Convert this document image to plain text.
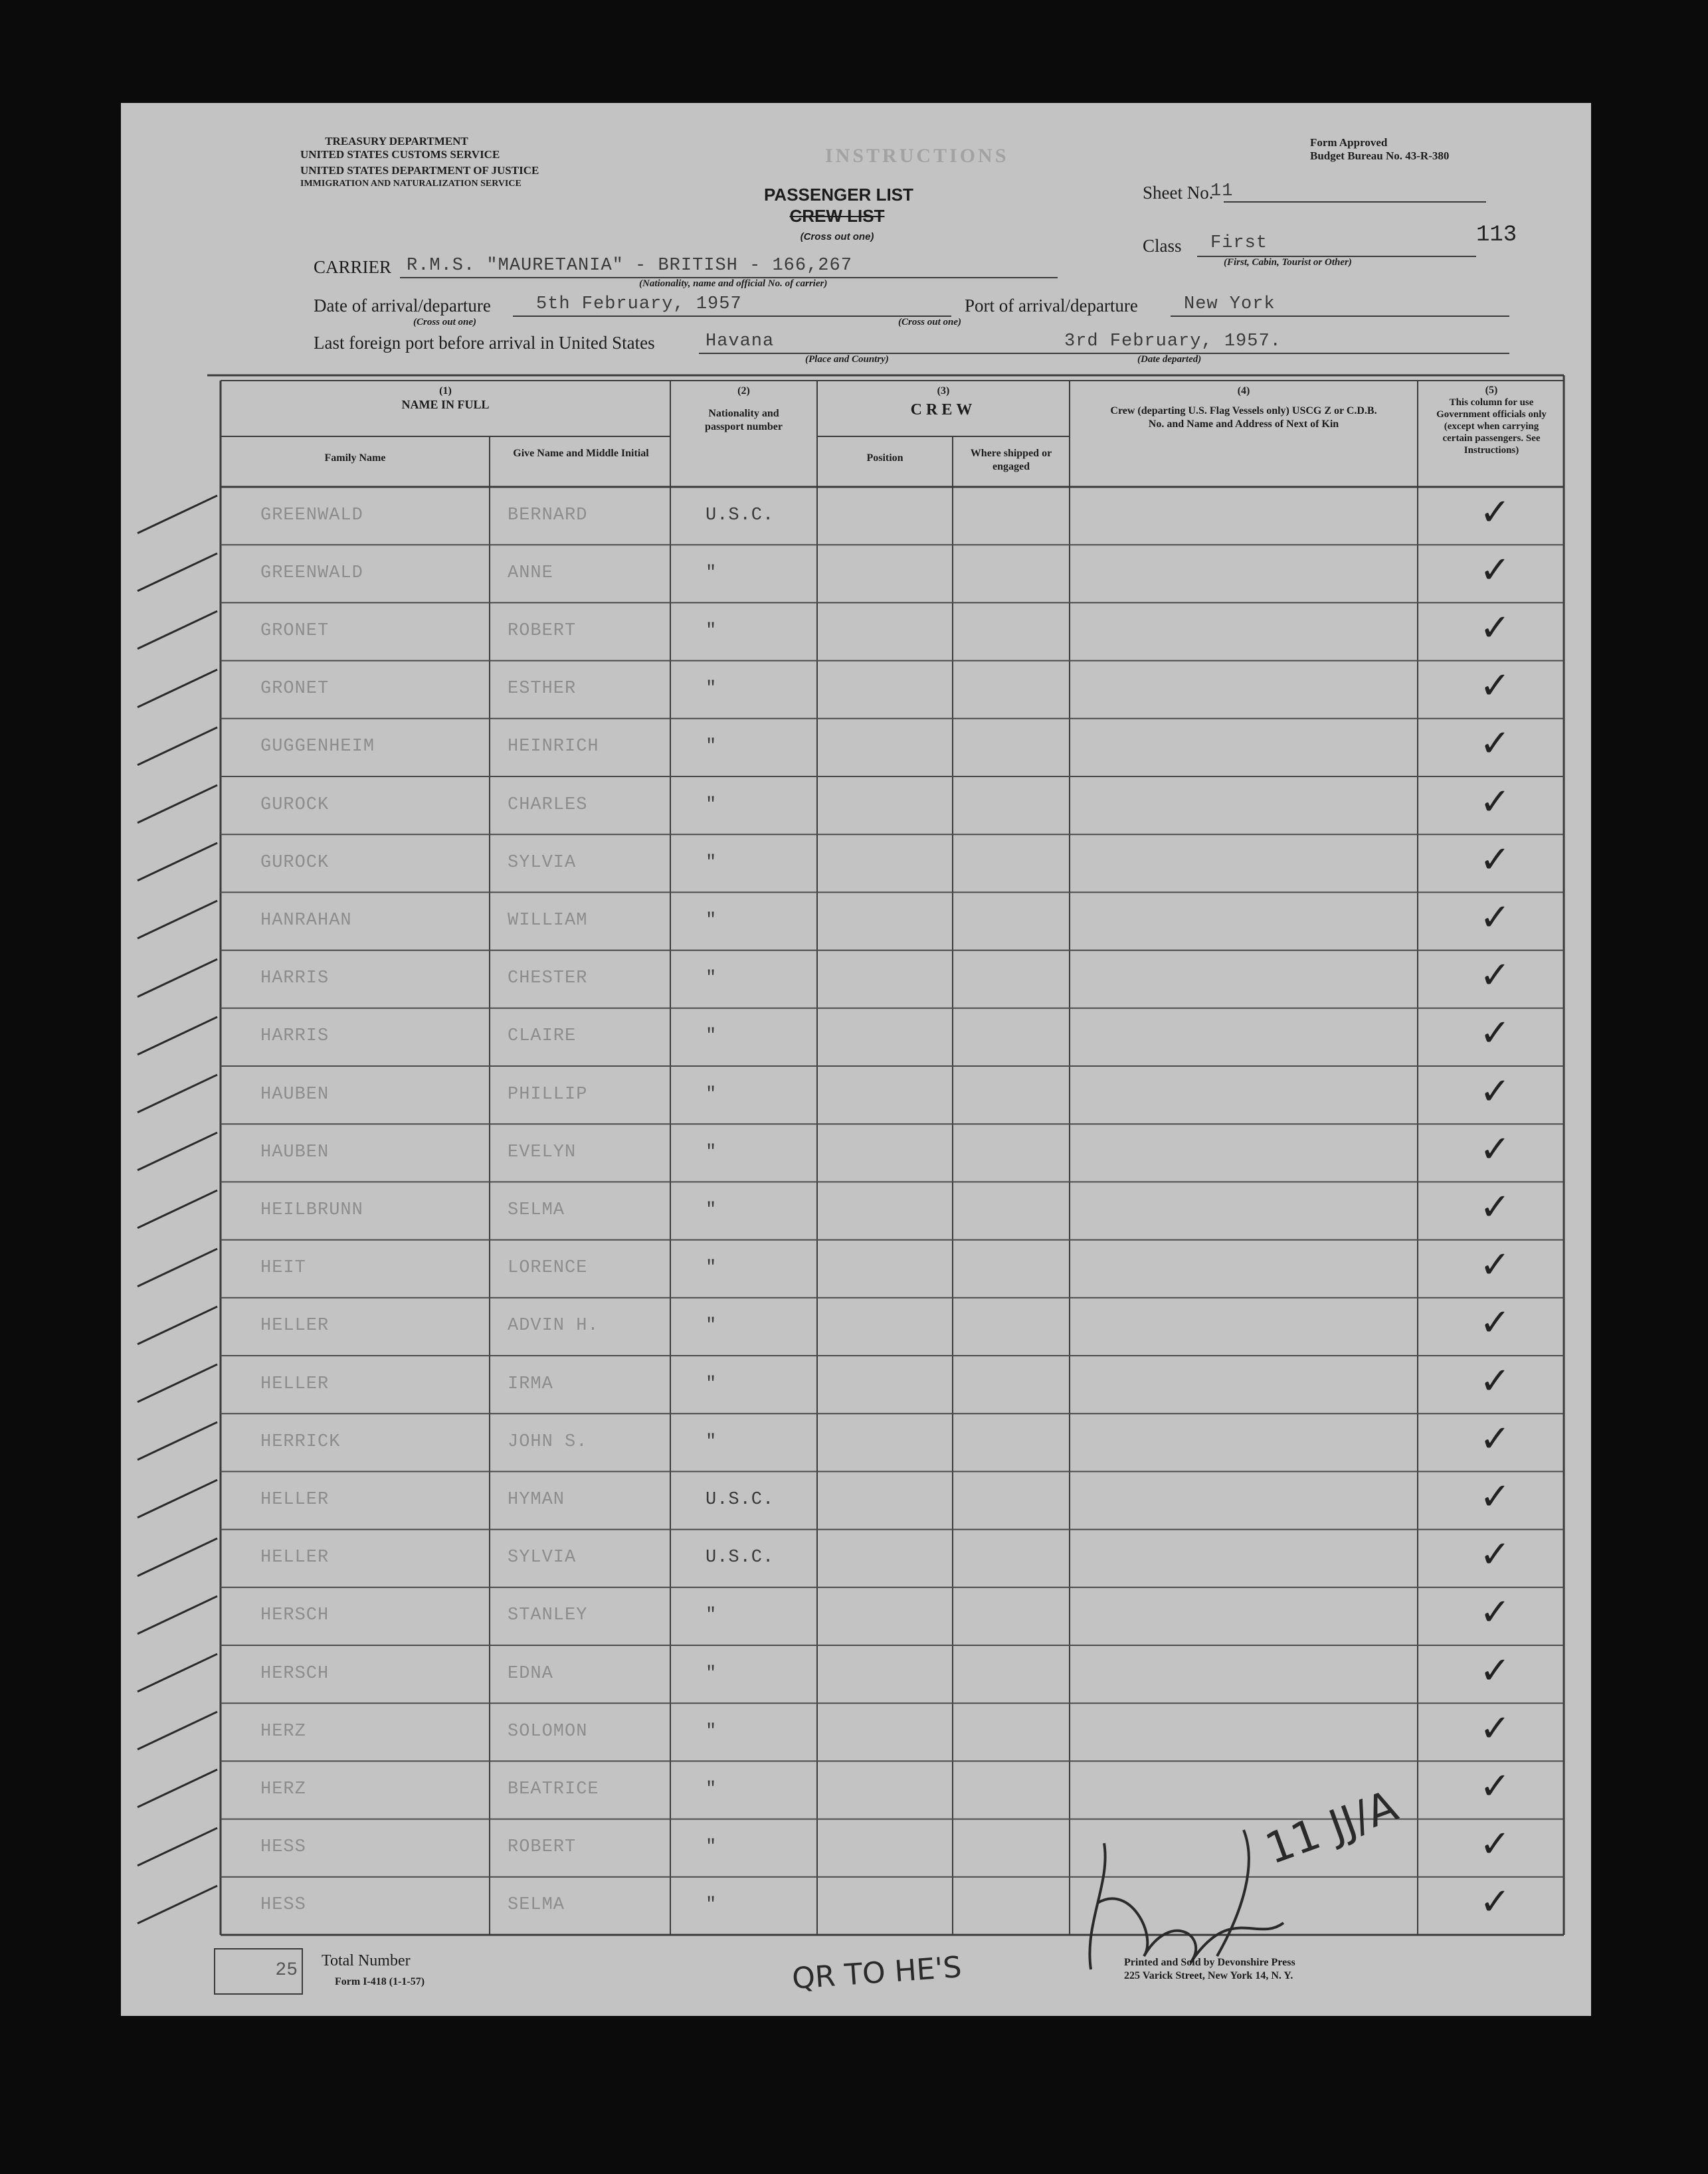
TREASURY DEPARTMENT
UNITED STATES CUSTOMS SERVICE
UNITED STATES DEPARTMENT OF JUSTICE
IMMIGRATION AND NATURALIZATION SERVICE
INSTRUCTIONS
Form Approved
Budget Bureau No. 43-R-380
PASSENGER LIST
CREW LIST
(Cross out one)
Sheet No.
11
Class First
(First, Cabin, Tourist or Other)
113
CARRIER R.M.S. "MAURETANIA" - BRITISH - 166,267
(Nationality, name and official No. of carrier)
Date of arrival/departure	5th February, 1957
(Cross out one)
Port of arrival/departure	New York
(Cross out one)
Last foreign port before arrival in United States	Havana
(Place and Country)
3rd February, 1957.
(Date departed)
(1)
NAME IN FULL
Family Name	Give Name and Middle Initial
(2)
Nationality and passport number
(3)
CREW
Position	Where shipped or engaged
(4)
Crew (departing U.S. Flag Vessels only) USCG Z or C.D.B. No. and Name and Address of Next of Kin
(5)
This column for use Government officials only (except when carrying certain passengers. See Instructions)
GREENWALD	BERNARD	U.S.C.	✓
GREENWALD	ANNE	"	✓
GRONET	ROBERT	"	✓
GRONET	ESTHER	"	✓
GUGGENHEIM	HEINRICH	"	✓
GUROCK	CHARLES	"	✓
GUROCK	SYLVIA	"	✓
HANRAHAN	WILLIAM	"	✓
HARRIS	CHESTER	"	✓
HARRIS	CLAIRE	"	✓
HAUBEN	PHILLIP	"	✓
HAUBEN	EVELYN	"	✓
HEILBRUNN	SELMA	"	✓
HEIT	LORENCE	"	✓
HELLER	ADVIN H.	"	✓
HELLER	IRMA	"	✓
HERRICK	JOHN S.	"	✓
HELLER	HYMAN	U.S.C.	✓
HELLER	SYLVIA	U.S.C.	✓
HERSCH	STANLEY	"	✓
HERSCH	EDNA	"	✓
HERZ	SOLOMON	"	✓
HERZ	BEATRICE	"	✓
HESS	ROBERT	"	✓
HESS	SELMA	"	✓
25 Total Number
Form I-418 (1-1-57)	QR TO HE'S
11 JJ/A
Printed and Sold by Devonshire Press
225 Varick Street, New York 14, N. Y.
